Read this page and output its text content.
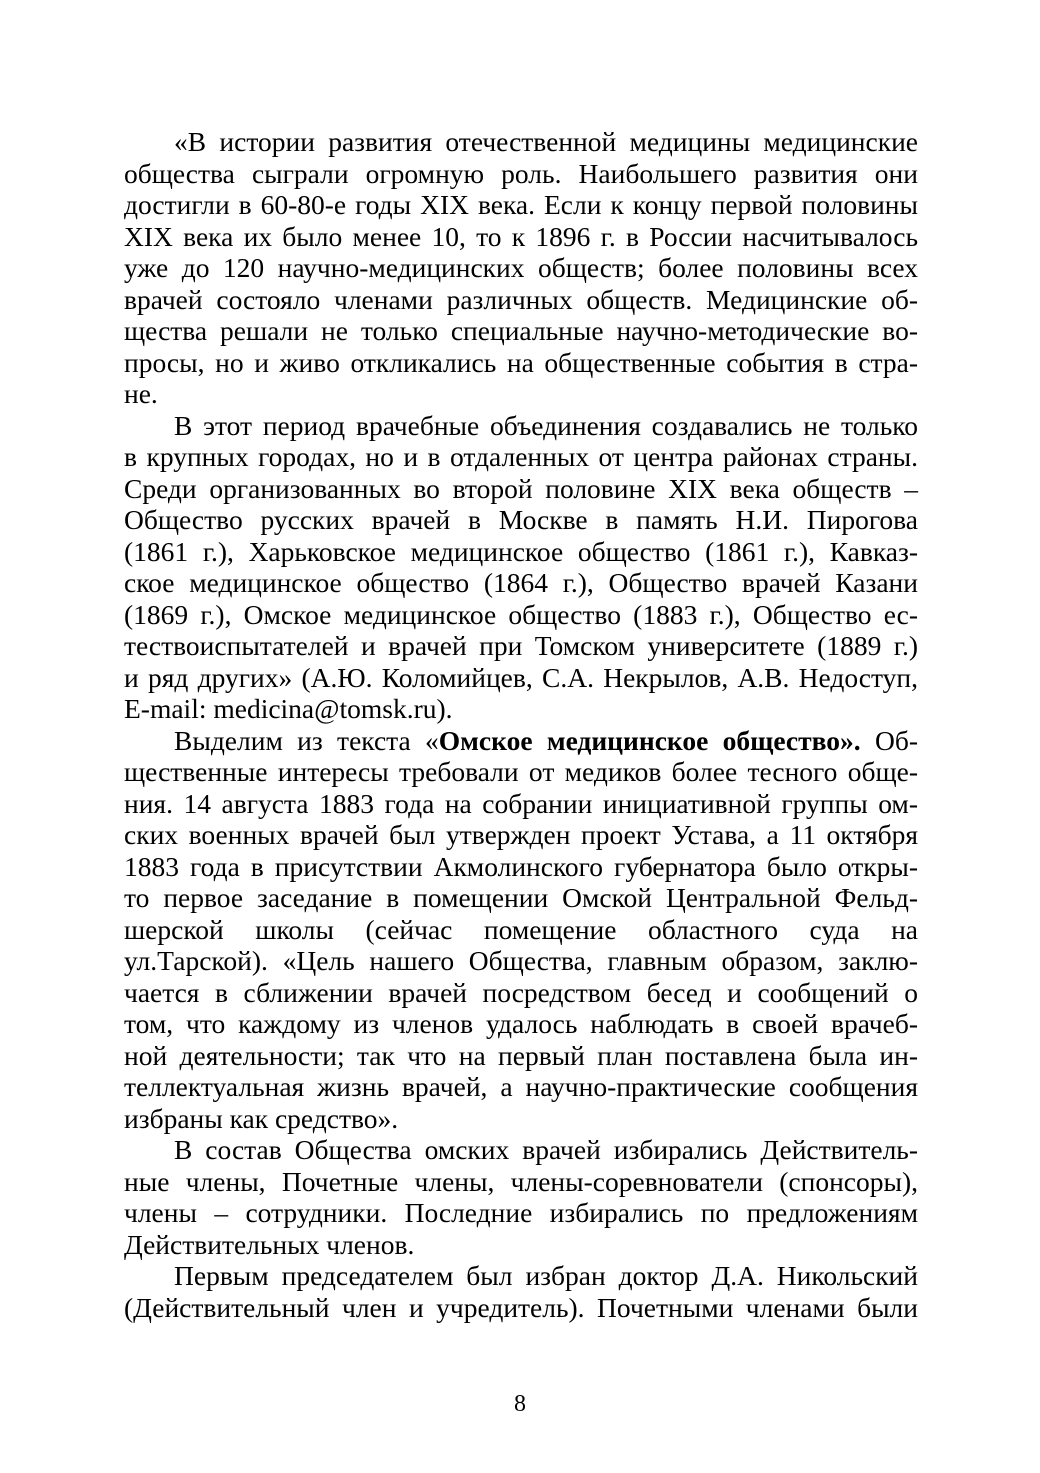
«В истории развития отечественной медицины медицинские
общества сыграли огромную роль. Наибольшего развития они
достигли в 60-80-е годы XIX века. Если к концу первой половины
XIX века их было менее 10, то к 1896 г. в России насчитывалось
уже до 120 научно-медицинских обществ; более половины всех
врачей состояло членами различных обществ. Медицинские об-
щества решали не только специальные научно-методические во-
просы, но и живо откликались на общественные события в стра-
не.
В этот период врачебные объединения создавались не только
в крупных городах, но и в отдаленных от центра районах страны.
Среди организованных во второй половине XIX века обществ –
Общество русских врачей в Москве в память Н.И. Пирогова
(1861 г.), Харьковское медицинское общество (1861 г.), Кавказ-
ское медицинское общество (1864 г.), Общество врачей Казани
(1869 г.), Омское медицинское общество (1883 г.), Общество ес-
тествоиспытателей и врачей при Томском университете (1889 г.)
и ряд других» (А.Ю. Коломийцев, С.А. Некрылов, А.В. Недоступ,
E-mail: medicina@tomsk.ru).
Выделим из текста «Омское медицинское общество». Об-
щественные интересы требовали от медиков более тесного обще-
ния. 14 августа 1883 года на собрании инициативной группы ом-
ских военных врачей был утвержден проект Устава, а 11 октября
1883 года в присутствии Акмолинского губернатора было откры-
то первое заседание в помещении Омской Центральной Фельд-
шерской школы (сейчас помещение областного суда на
ул.Тарской). «Цель нашего Общества, главным образом, заклю-
чается в сближении врачей посредством бесед и сообщений о
том, что каждому из членов удалось наблюдать в своей врачеб-
ной деятельности; так что на первый план поставлена была ин-
теллектуальная жизнь врачей, а научно-практические сообщения
избраны как средство».
В состав Общества омских врачей избирались Действитель-
ные члены, Почетные члены, члены-соревнователи (спонсоры),
члены – сотрудники. Последние избирались по предложениям
Действительных членов.
Первым председателем был избран доктор Д.А. Никольский
(Действительный член и учредитель). Почетными членами были
8
